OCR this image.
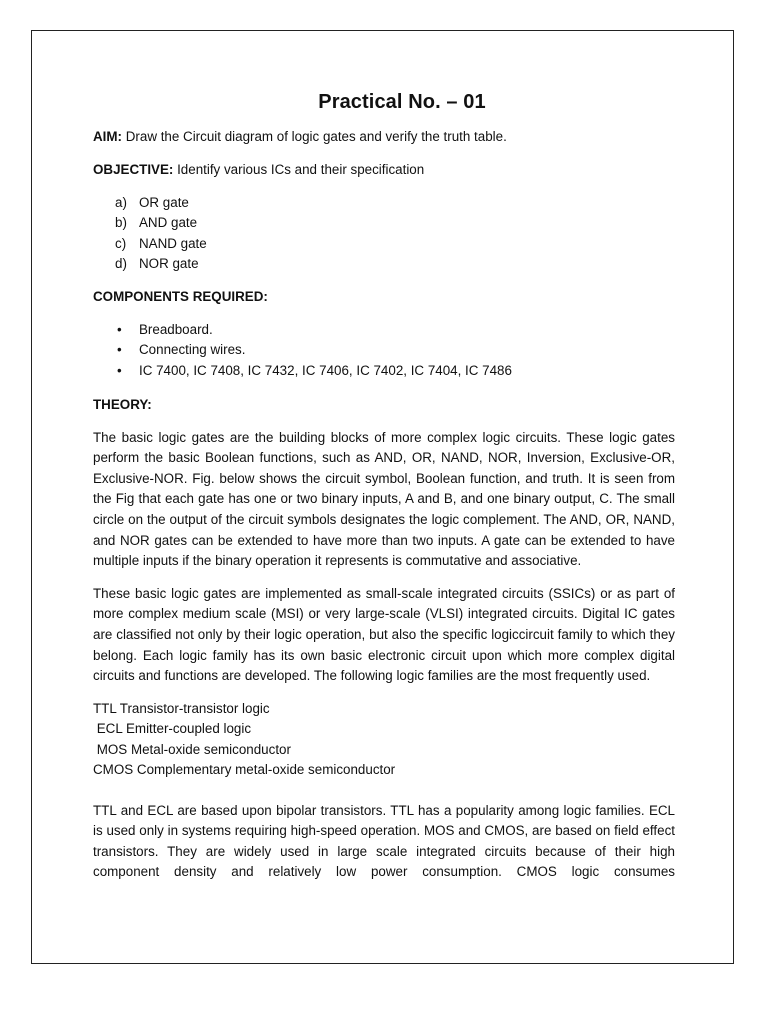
Practical No. – 01

AIM: Draw the Circuit diagram of logic gates and verify the truth table.

OBJECTIVE: Identify various ICs and their specification

a) OR gate
b) AND gate
c) NAND gate
d) NOR gate

COMPONENTS REQUIRED:

• Breadboard.
• Connecting wires.
• IC 7400, IC 7408, IC 7432, IC 7406, IC 7402, IC 7404, IC 7486

THEORY:

The basic logic gates are the building blocks of more complex logic circuits. These logic gates perform the basic Boolean functions, such as AND, OR, NAND, NOR, Inversion, Exclusive-OR, Exclusive-NOR. Fig. below shows the circuit symbol, Boolean function, and truth. It is seen from the Fig that each gate has one or two binary inputs, A and B, and one binary output, C. The small circle on the output of the circuit symbols designates the logic complement. The AND, OR, NAND, and NOR gates can be extended to have more than two inputs. A gate can be extended to have multiple inputs if the binary operation it represents is commutative and associative.

These basic logic gates are implemented as small-scale integrated circuits (SSICs) or as part of more complex medium scale (MSI) or very large-scale (VLSI) integrated circuits. Digital IC gates are classified not only by their logic operation, but also the specific logiccircuit family to which they belong. Each logic family has its own basic electronic circuit upon which more complex digital circuits and functions are developed. The following logic families are the most frequently used.

TTL Transistor-transistor logic
ECL Emitter-coupled logic
MOS Metal-oxide semiconductor
CMOS Complementary metal-oxide semiconductor

TTL and ECL are based upon bipolar transistors. TTL has a popularity among logic families. ECL is used only in systems requiring high-speed operation. MOS and CMOS, are based on field effect transistors. They are widely used in large scale integrated circuits because of their high component density and relatively low power consumption. CMOS logic consumes
